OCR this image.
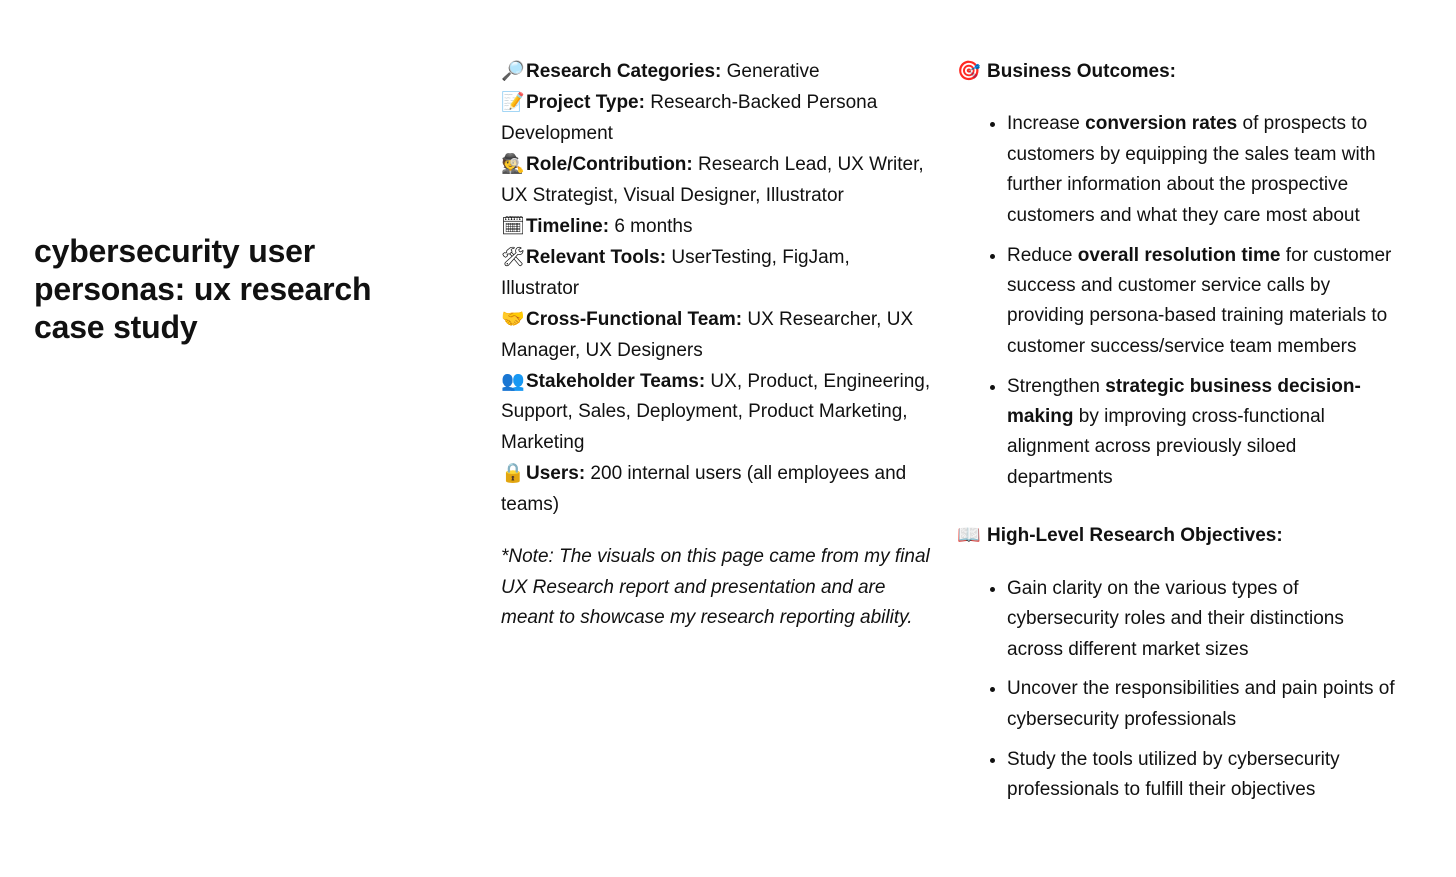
cybersecurity user personas: ux research case study

🔎Research Categories: Generative

📝Project Type: Research-Backed Persona Development

🕵Role/Contribution: Research Lead, UX Writer, UX Strategist, Visual Designer, Illustrator

🗓Timeline: 6 months

🛠Relevant Tools: UserTesting, FigJam, Illustrator

🤝Cross-Functional Team: UX Researcher, UX Manager, UX Designers

👥Stakeholder Teams: UX, Product, Engineering, Support, Sales, Deployment, Product Marketing, Marketing

🔒Users: 200 internal users (all employees and teams)

*Note: The visuals on this page came from my final UX Research report and presentation and are meant to showcase my research reporting ability.

🎯 Business Outcomes:

• Increase conversion rates of prospects to customers by equipping the sales team with further information about the prospective customers and what they care most about
• Reduce overall resolution time for customer success and customer service calls by providing persona-based training materials to customer success/service team members
• Strengthen strategic business decision-making by improving cross-functional alignment across previously siloed departments

📖 High-Level Research Objectives:

• Gain clarity on the various types of cybersecurity roles and their distinctions across different market sizes
• Uncover the responsibilities and pain points of cybersecurity professionals
• Study the tools utilized by cybersecurity professionals to fulfill their objectives
